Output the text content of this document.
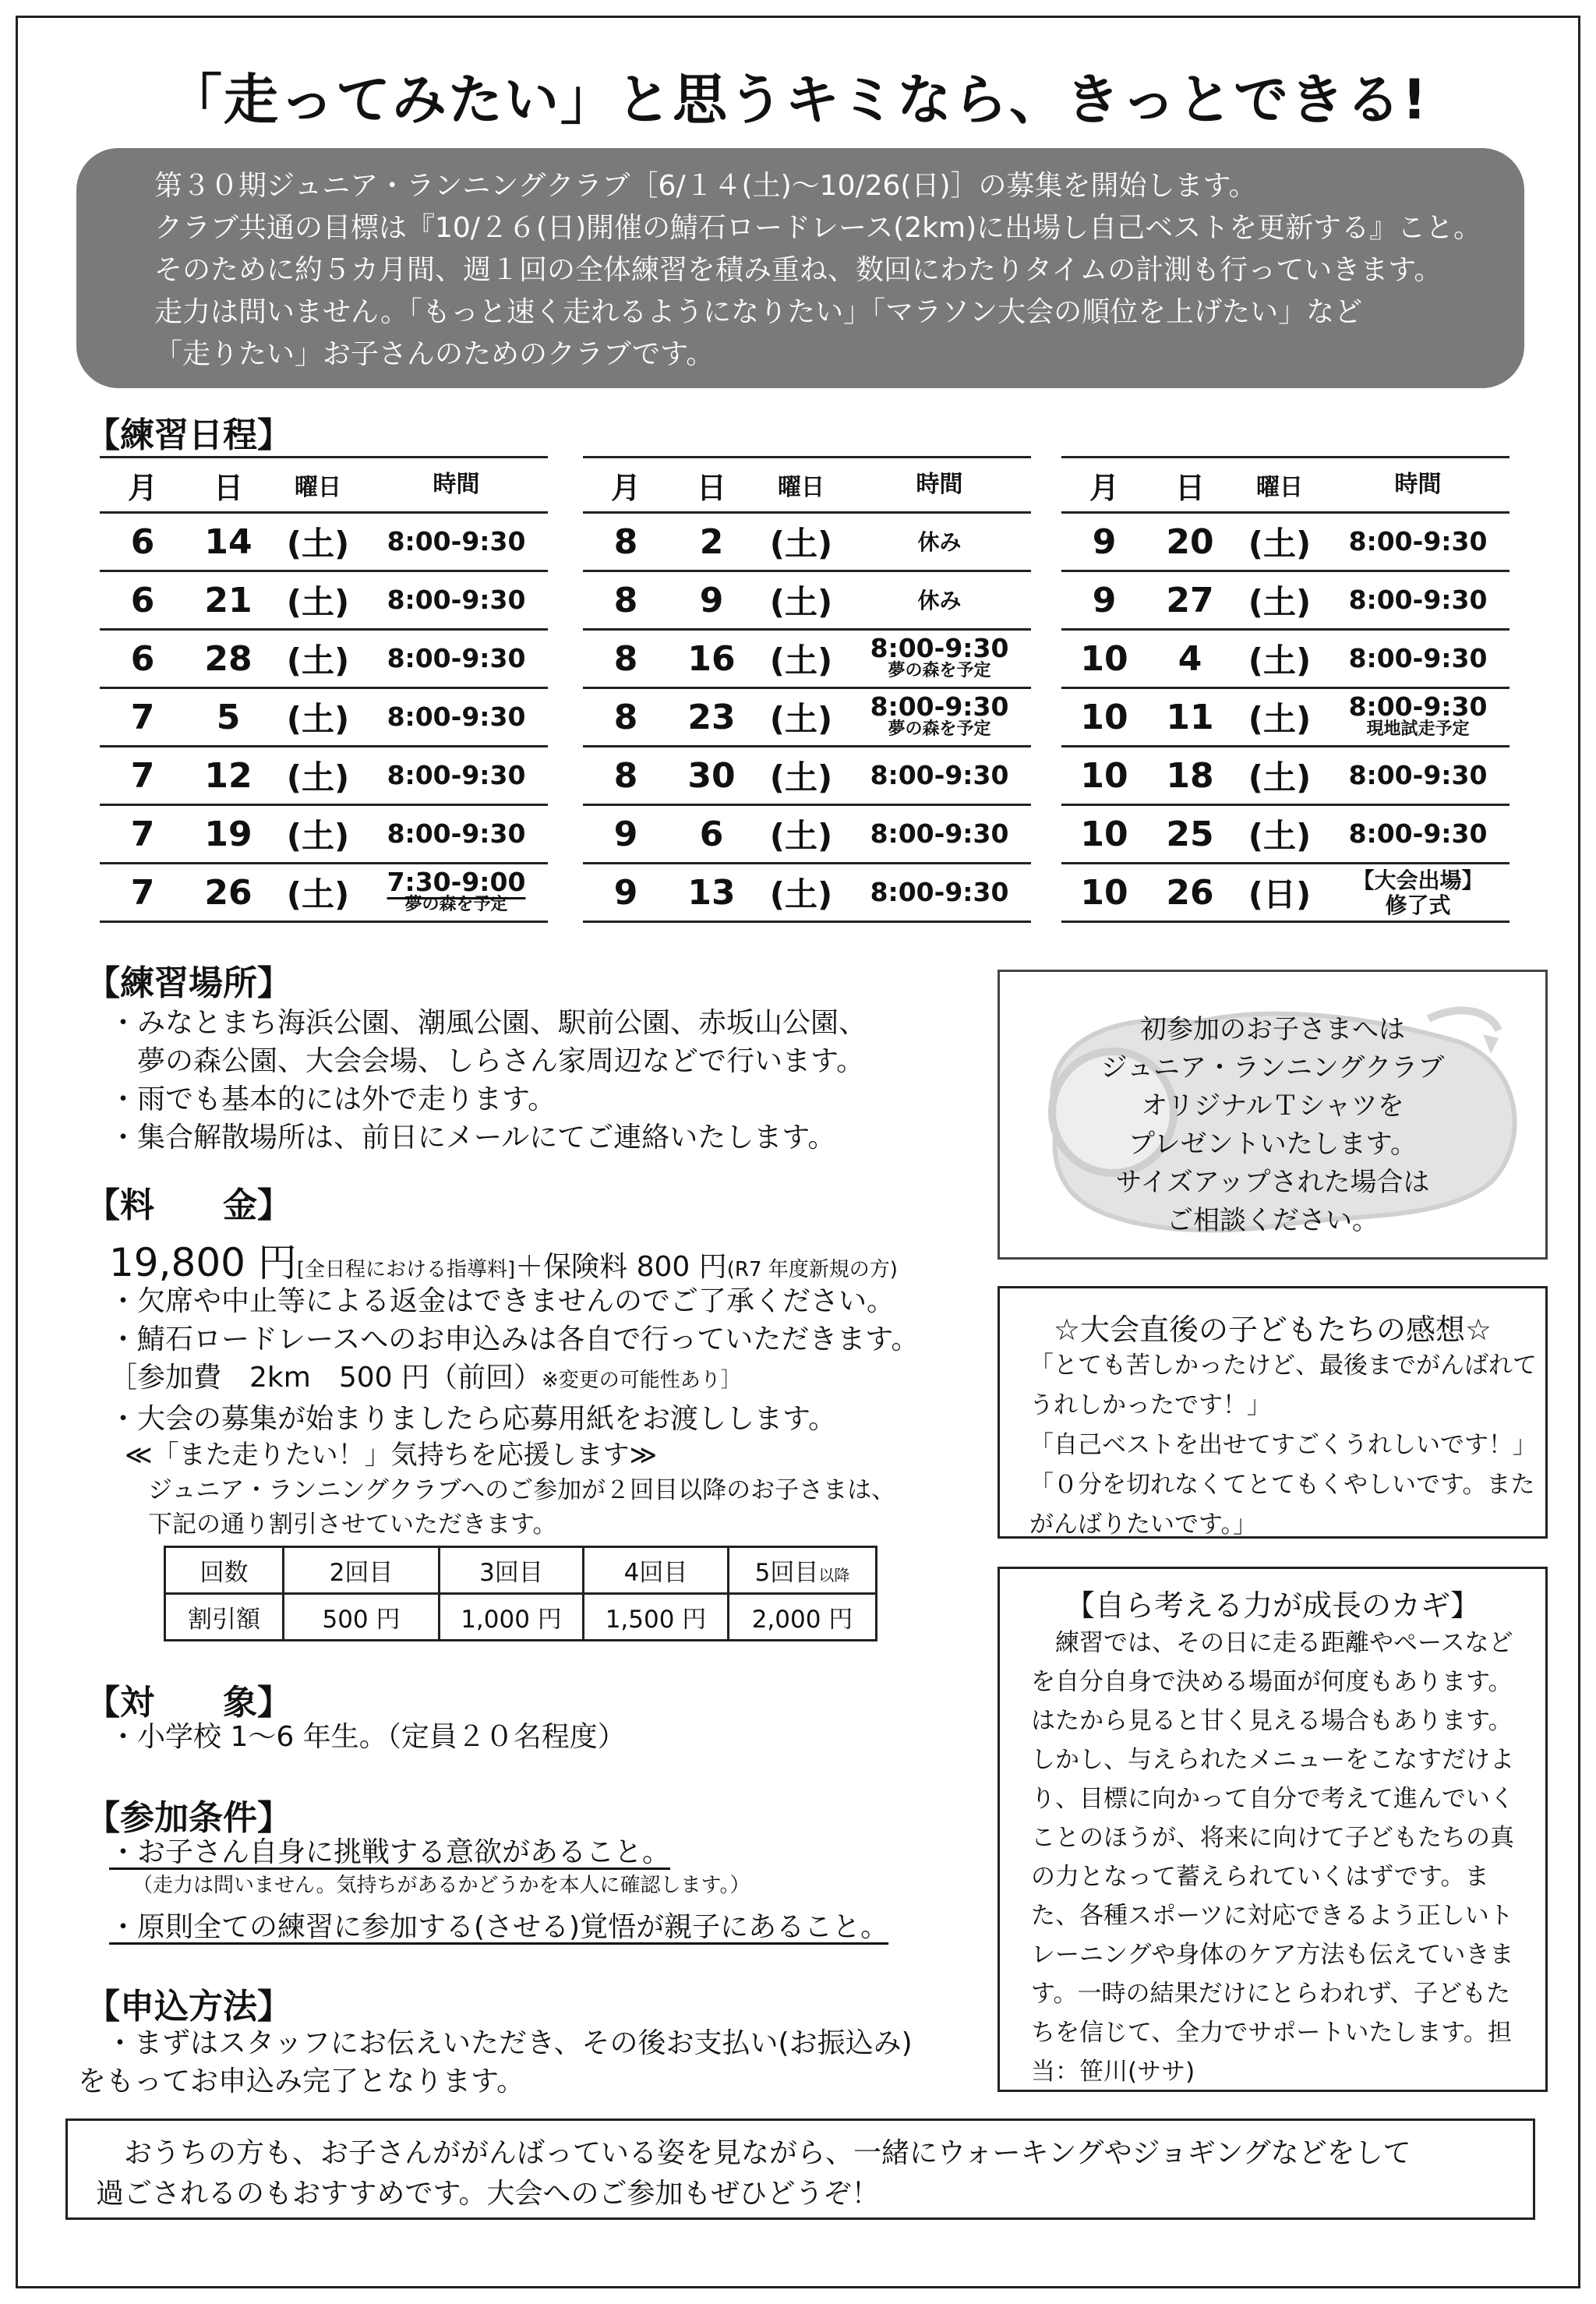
「走ってみたい」と思うキミなら、きっとできる!
第３０期ジュニア・ランニングクラブ［6/１４(土)～10/26(日)］の募集を開始します。
クラブ共通の目標は『10/２６(日)開催の鯖石ロードレース(2km)に出場し自己ベストを更新する』こと。
そのために約５カ月間、週１回の全体練習を積み重ね、数回にわたりタイムの計測も行っていきます。
走力は問いません。「もっと速く走れるようになりたい」「マラソン大会の順位を上げたい」など
「走りたい」お子さんのためのクラブです。
【練習日程】
月	日	曜日	時間
6	14	(土)	8:00-9:30
6	21	(土)	8:00-9:30
6	28	(土)	8:00-9:30
7	5	(土)	8:00-9:30
7	12	(土)	8:00-9:30
7	19	(土)	8:00-9:30
7	26	(土)	7:30-9:00
夢の森を予定
月	日	曜日	時間
8	2	(土)	休み
8	9	(土)	休み
8	16	(土)	8:00-9:30
夢の森を予定
8	23	(土)	8:00-9:30
夢の森を予定
8	30	(土)	8:00-9:30
9	6	(土)	8:00-9:30
9	13	(土)	8:00-9:30
月	日	曜日	時間
9	20	(土)	8:00-9:30
9	27	(土)	8:00-9:30
10	4	(土)	8:00-9:30
10	11	(土)	8:00-9:30
現地試走予定
10	18	(土)	8:00-9:30
10	25	(土)	8:00-9:30
10	26	(日)	【大会出場】
修了式
【練習場所】
・みなとまち海浜公園、潮風公園、駅前公園、赤坂山公園、
　夢の森公園、大会会場、しらさん家周辺などで行います。
・雨でも基本的には外で走ります。
・集合解散場所は、前日にメールにてご連絡いたします。
【料　　金】
19,800 円[全日程における指導料]＋保険料 800 円(R7 年度新規の方)
・欠席や中止等による返金はできませんのでご了承ください。
・鯖石ロードレースへのお申込みは各自で行っていただきます。
［参加費　2km　500 円（前回）※変更の可能性あり］
・大会の募集が始まりましたら応募用紙をお渡しします。
≪「また走りたい！」気持ちを応援します≫
ジュニア・ランニングクラブへのご参加が２回目以降のお子さまは、
下記の通り割引させていただきます。
回数	2回目	3回目	4回目	5回目以降
割引額	500 円	1,000 円	1,500 円	2,000 円
【対　　象】
・小学校 1～6 年生。（定員２０名程度）
【参加条件】
・お子さん自身に挑戦する意欲があること。
（走力は問いません。気持ちがあるかどうかを本人に確認します。）
・原則全ての練習に参加する(させる)覚悟が親子にあること。
【申込方法】
　・まずはスタッフにお伝えいただき、その後お支払い(お振込み)
をもってお申込み完了となります。
初参加のお子さまへは
ジュニア・ランニングクラブ
オリジナルＴシャツを
プレゼントいたします。
サイズアップされた場合は
ご相談ください。
☆大会直後の子どもたちの感想☆
「とても苦しかったけど、最後までがんばれて
うれしかったです！」
「自己ベストを出せてすごくうれしいです！」
「０分を切れなくてとてもくやしいです。また
がんばりたいです。」
【自ら考える力が成長のカギ】

練習では、その日に走る距離やペースなどを自分自身で決める場面が何度もあります。はたから見ると甘く見える場合もあります。しかし、与えられたメニューをこなすだけより、目標に向かって自分で考えて進んでいくことのほうが、将来に向けて子どもたちの真の力となって蓄えられていくはずです。また、各種スポーツに対応できるよう正しいトレーニングや身体のケア方法も伝えていきます。一時の結果だけにとらわれず、子どもたちを信じて、全力でサポートいたします。担当：笹川(ササ)

おうちの方も、お子さんががんばっている姿を見ながら、一緒にウォーキングやジョギングなどをして
過ごされるのもおすすめです。大会へのご参加もぜひどうぞ！
